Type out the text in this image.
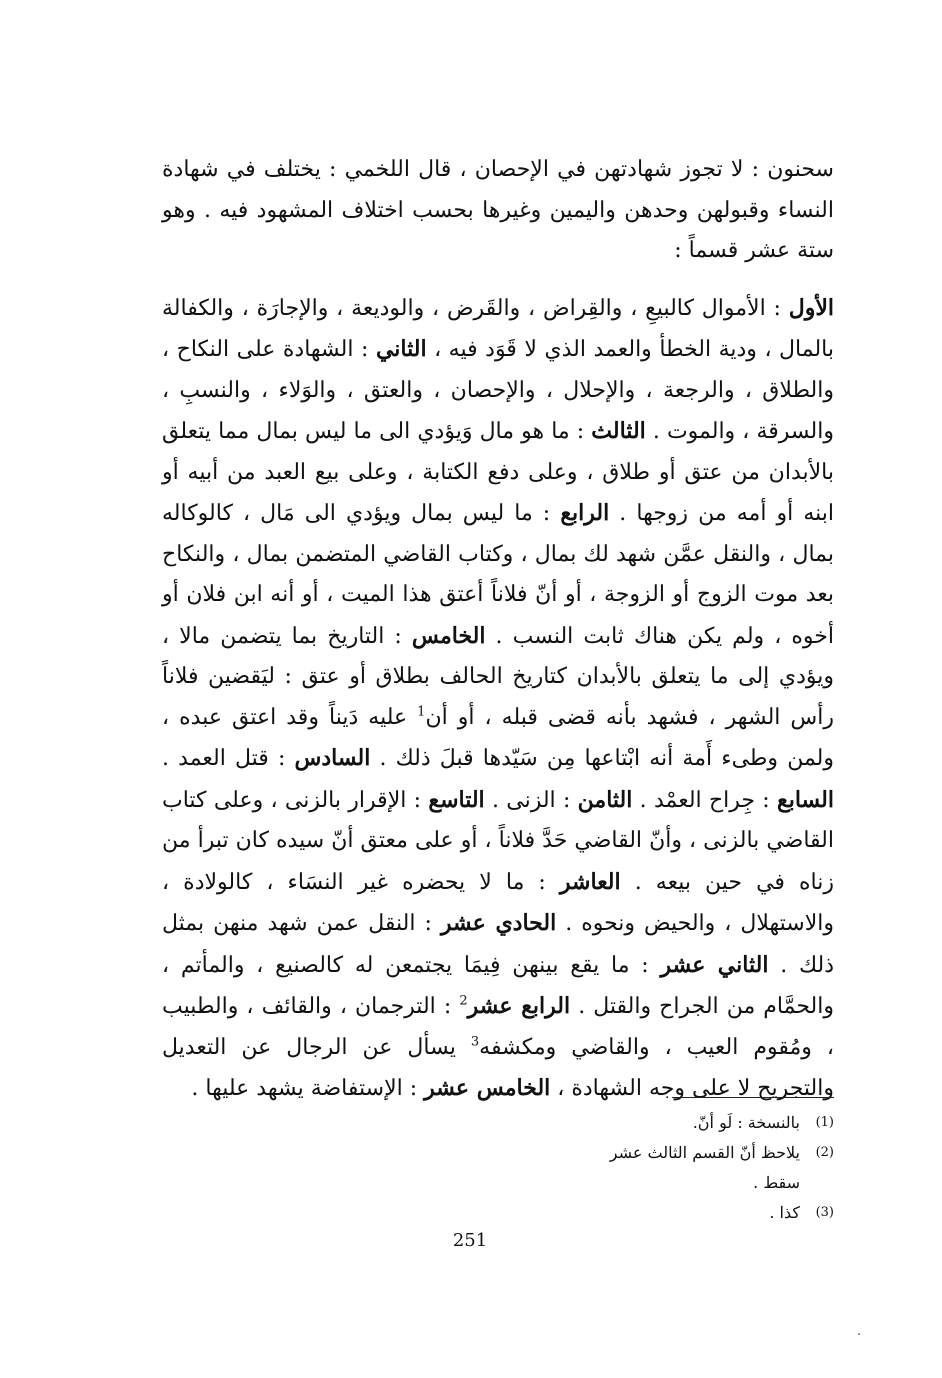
سحنون : لا تجوز شهادتهن في الإحصان ، قال اللخمي : يختلف في شهادة النساء وقبولهن وحدهن واليمين وغيرها بحسب اختلاف المشهود فيه . وهو ستة عشر قسماً :

الأول : الأموال كالبيعِ ، والقِراض ، والقَرض ، والوديعة ، والإجارَة ، والكفالة بالمال ، ودية الخطأ والعمد الذي لا قَوَد فيه ، الثاني : الشهادة على النكاح ، والطلاق ، والرجعة ، والإحلال ، والإحصان ، والعتق ، والوَلاء ، والنسبِ ، والسرقة ، والموت . الثالث : ما هو مال وَيؤدي الى ما ليس بمال مما يتعلق بالأبدان من عتق أو طلاق ، وعلى دفع الكتابة ، وعلى بيع العبد من أبيه أو ابنه أو أمه من زوجها . الرابع : ما ليس بمال ويؤدي الى مَال ، كالوكاله بمال ، والنقل عمَّن شهد لك بمال ، وكتاب القاضي المتضمن بمال ، والنكاح بعد موت الزوج أو الزوجة ، أو أنّ فلاناً أعتق هذا الميت ، أو أنه ابن فلان أو أخوه ، ولم يكن هناك ثابت النسب . الخامس : التاريخ بما يتضمن مالا ، ويؤدي إلى ما يتعلق بالأبدان كتاريخ الحالف بطلاق أو عتق : ليَقضين فلاناً رأس الشهر ، فشهد بأنه قضى قبله ، أو أن$^1$ عليه دَيناً وقد اعتق عبده ، ولمن وطىء أَمة أنه ابْتاعها مِن سَيّدها قبلَ ذلك . السادس : قتل العمد . السابع : جِراح العمْد . الثامن : الزنى . التاسع : الإقرار بالزنى ، وعلى كتاب القاضي بالزنى ، وأنّ القاضي حَدَّ فلاناً ، أو على معتق أنّ سيده كان تبرأ من زناه في حين بيعه . العاشر : ما لا يحضره غير النسَاء ، كالولادة ، والاستهلال ، والحيض ونحوه . الحادي عشر : النقل عمن شهد منهن بمثل ذلك . الثاني عشر : ما يقع بينهن فِيمَا يجتمعن له كالصنيع ، والمأتم ، والحمَّام من الجراح والقتل . الرابع عشر$^2$ : الترجمان ، والقائف ، والطبيب ، ومُقوم العيب ، والقاضي ومكشفه$^3$ يسأل عن الرجال عن التعديل والتجريح لا على وجه الشهادة ، الخامس عشر : الإستفاضة يشهد عليها .

(1)
بالنسخة : لَو أنّ.
(2)
يلاحظ أنّ القسم الثالث عشر سقط .
(3)
كذا .
251
